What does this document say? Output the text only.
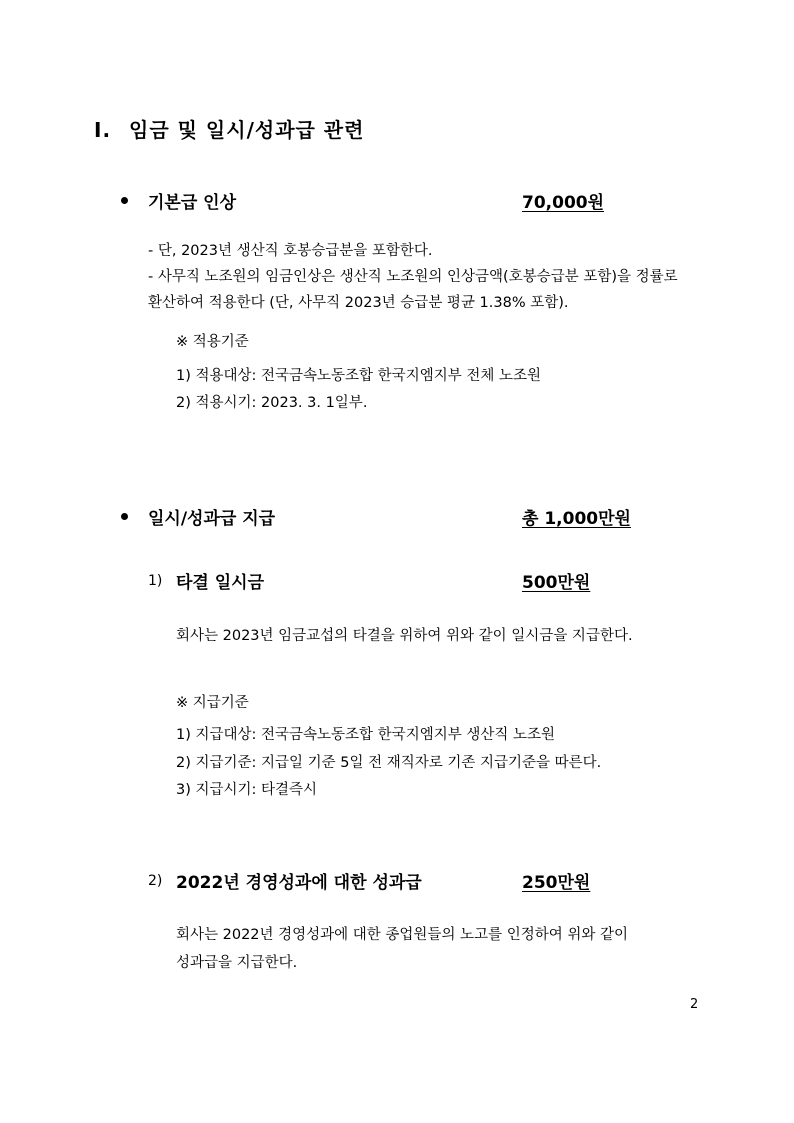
I. 임금 및 일시/성과급 관련
기본급 인상	70,000원
- 단, 2023년 생산직 호봉승급분을 포함한다.
- 사무직 노조원의 임금인상은 생산직 노조원의 인상금액(호봉승급분 포함)을 정률로
환산하여 적용한다 (단, 사무직 2023년 승급분 평균 1.38% 포함).
※ 적용기준
1) 적용대상: 전국금속노동조합 한국지엠지부 전체 노조원
2) 적용시기: 2023. 3. 1일부.
일시/성과급 지급	총 1,000만원
1) 타결 일시금	500만원
회사는 2023년 임금교섭의 타결을 위하여 위와 같이 일시금을 지급한다.
※ 지급기준
1) 지급대상: 전국금속노동조합 한국지엠지부 생산직 노조원
2) 지급기준: 지급일 기준 5일 전 재직자로 기존 지급기준을 따른다.
3) 지급시기: 타결즉시
2) 2022년 경영성과에 대한 성과급	250만원
회사는 2022년 경영성과에 대한 종업원들의 노고를 인정하여 위와 같이
성과급을 지급한다.
2
